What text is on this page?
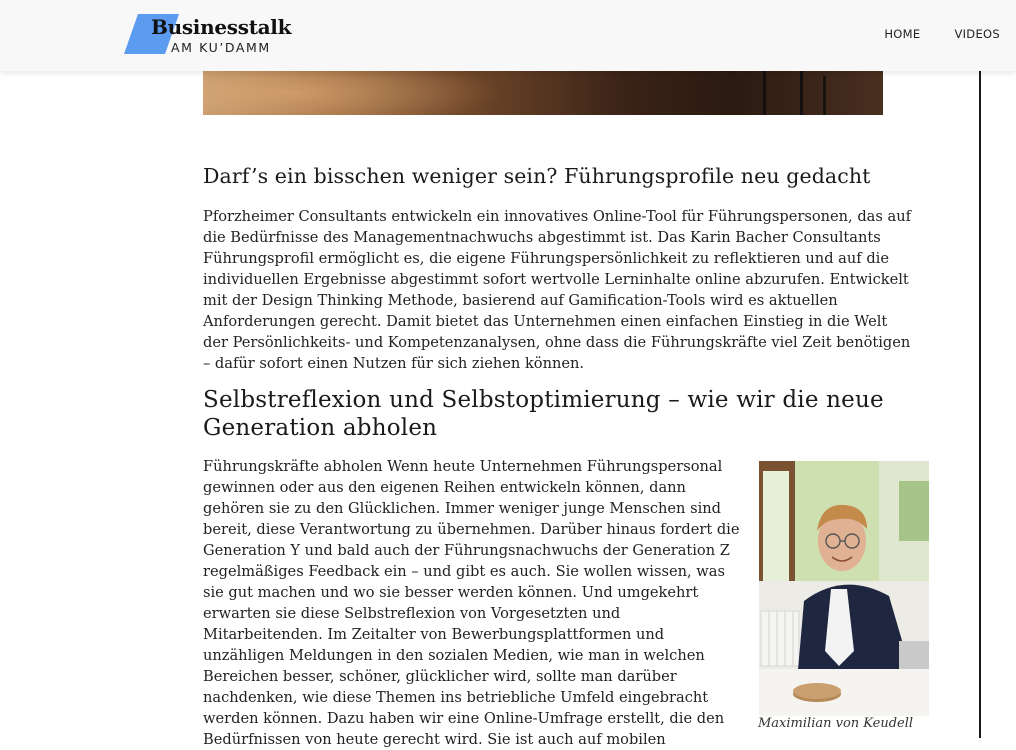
Businesstalk
AM KU’DAMM
HOME	VIDEOS
Darf’s ein bisschen weniger sein? Führungsprofile neu gedacht

Pforzheimer Consultants entwickeln ein innovatives Online-Tool für Führungspersonen, das auf die Bedürfnisse des Managementnachwuchs abgestimmt ist. Das Karin Bacher Consultants Führungsprofil ermöglicht es, die eigene Führungspersönlichkeit zu reflektieren und auf die individuellen Ergebnisse abgestimmt sofort wertvolle Lerninhalte online abzurufen. Entwickelt mit der Design Thinking Methode, basierend auf Gamification-Tools wird es aktuellen Anforderungen gerecht. Damit bietet das Unternehmen einen einfachen Einstieg in die Welt der Persönlichkeits- und Kompetenzanalysen, ohne dass die Führungskräfte viel Zeit benötigen – dafür sofort einen Nutzen für sich ziehen können.

Selbstreflexion und Selbstoptimierung – wie wir die neue Generation abholen

Führungskräfte abholen Wenn heute Unternehmen Führungspersonal gewinnen oder aus den eigenen Reihen entwickeln können, dann gehören sie zu den Glücklichen. Immer weniger junge Menschen sind bereit, diese Verantwortung zu übernehmen. Darüber hinaus fordert die Generation Y und bald auch der Führungsnachwuchs der Generation Z regelmäßiges Feedback ein – und gibt es auch. Sie wollen wissen, was sie gut machen und wo sie besser werden können. Und umgekehrt erwarten sie diese Selbstreflexion von Vorgesetzten und Mitarbeitenden. Im Zeitalter von Bewerbungsplattformen und unzähligen Meldungen in den sozialen Medien, wie man in welchen Bereichen besser, schöner, glücklicher wird, sollte man darüber nachdenken, wie diese Themen ins betriebliche Umfeld eingebracht werden können. Dazu haben wir eine Online-Umfrage erstellt, die den Bedürfnissen von heute gerecht wird. Sie ist auch auf mobilen

Maximilian von Keudell
